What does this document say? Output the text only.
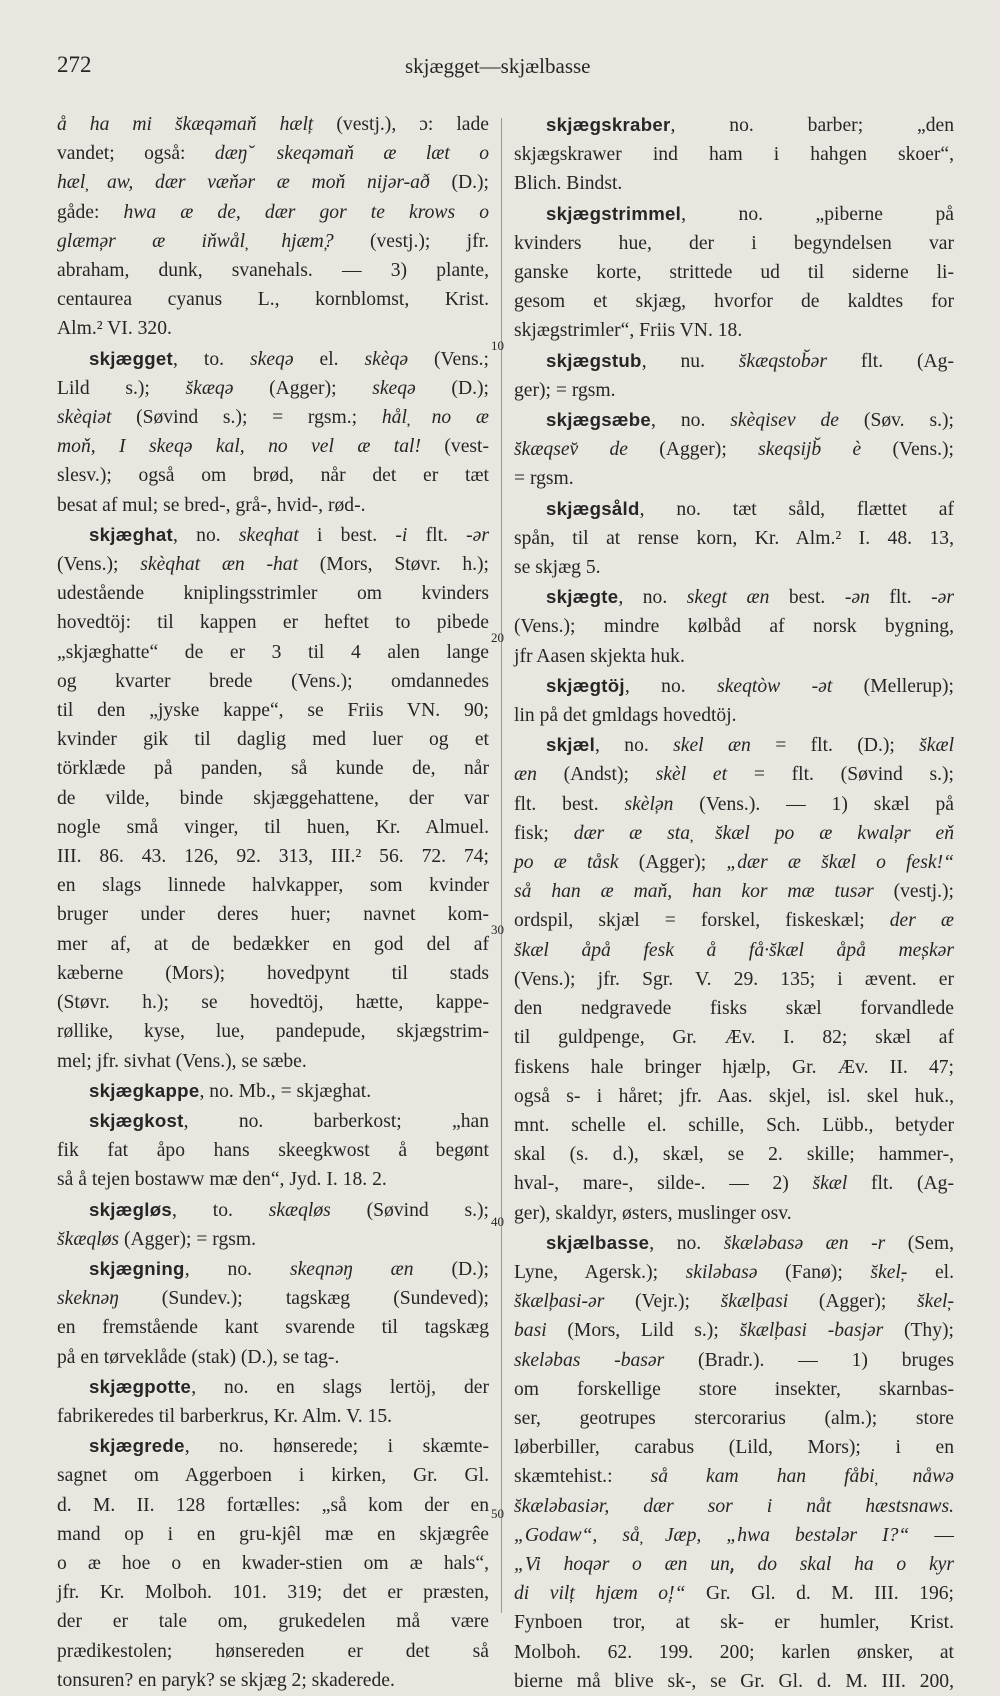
272	skjægget—skjælbasse
å ha mi s̆kæqəmaň hæl̦t (vestj.), ɔ: lade
vandet; også: dæŋ̆ skeqəmaň æ læt o
hæl̦ aw, dær væňər æ moň nijər-að (D.);
gåde: hwa æ de, dær gor te krows o
glæm̦ər æ iňwål̦ hjæm̦? (vestj.); jfr.
abraham, dunk, svanehals. — 3) plante,
centaurea cyanus L., kornblomst, Krist.
Alm.² VI. 320.
skjægget, to. skeqə el. skèqə (Vens.;
Lild s.); s̆kæqə (Agger); skeqə (D.);
skèqiət (Søvind s.); = rgsm.; hål̦ no æ
moň, I skeqə kal, no vel æ tal! (vest-
slesv.); også om brød, når det er tæt
besat af mul; se bred-, grå-, hvid-, rød-.
skjæghat, no. skeqhat i best. -i flt. -ər
(Vens.); skèqhat æn -hat (Mors, Støvr. h.);
udestående kniplingsstrimler om kvinders
hovedtöj: til kappen er heftet to pibede
„skjæghatte“ de er 3 til 4 alen lange
og kvarter brede (Vens.); omdannedes
til den „jyske kappe“, se Friis VN. 90;
kvinder gik til daglig med luer og et
törklæde på panden, så kunde de, når
de vilde, binde skjæggehattene, der var
nogle små vinger, til huen, Kr. Almuel.
III. 86. 43. 126, 92. 313, III.² 56. 72. 74;
en slags linnede halvkapper, som kvinder
bruger under deres huer; navnet kom-
mer af, at de bedækker en god del af
kæberne (Mors); hovedpynt til stads
(Støvr. h.); se hovedtöj, hætte, kappe-
røllike, kyse, lue, pandepude, skjægstrim-
mel; jfr. sivhat (Vens.), se sæbe.
skjægkappe, no. Mb., = skjæghat.
skjægkost, no. barberkost; „han
fik fat åpo hans skeegkwost å begønt
så å tejen bostaww mæ den“, Jyd. I. 18. 2.
skjægløs, to. skæqløs (Søvind s.);
s̆kæqløs (Agger); = rgsm.
skjægning, no. skeqnəŋ æn (D.);
skeknəŋ (Sundev.); tagskæg (Sundeved);
en fremstående kant svarende til tagskæg
på en tørveklåde (stak) (D.), se tag-.
skjægpotte, no. en slags lertöj, der
fabrikeredes til barberkrus, Kr. Alm. V. 15.
skjægrede, no. hønserede; i skæmte-
sagnet om Aggerboen i kirken, Gr. Gl.
d. M. II. 128 fortælles: „så kom der en
mand op i en gru-kjêl mæ en skjægrêe
o æ hoe o en kwader-stien om æ hals“,
jfr. Kr. Molboh. 101. 319; det er præsten,
der er tale om, grukedelen må være
prædikestolen; hønsereden er det så
tonsuren? en paryk? se skjæg 2; skaderede.
skjægskraber, no. barber; „den
skjægskrawer ind ham i hahgen skoer“,
Blich. Bindst.
skjægstrimmel, no. „piberne på
kvinders hue, der i begyndelsen var
ganske korte, strittede ud til siderne li-
gesom et skjæg, hvorfor de kaldtes for
skjægstrimler“, Friis VN. 18.
skjægstub, nu. s̆kæqstob̆ər flt. (Ag-
ger); = rgsm.
skjægsæbe, no. skèqisev de (Søv. s.);
s̆kæqsev̆ de (Agger); skeqsijb̆ è (Vens.);
= rgsm.
skjægsåld, no. tæt såld, flættet af
spån, til at rense korn, Kr. Alm.² I. 48. 13,
se skjæg 5.
skjægte, no. skegt æn best. -ən flt. -ər
(Vens.); mindre kølbåd af norsk bygning,
jfr Aasen skjekta huk.
skjægtöj, no. skeqtòw -ət (Mellerup);
lin på det gmldags hovedtöj.
skjæl, no. skel æn = flt. (D.); s̆kæl
æn (Andst); skèl et = flt. (Søvind s.);
flt. best. skèl̦ən (Vens.). — 1) skæl på
fisk; dær æ sta̦ s̆kæl po æ kwal̦ər eň
po æ tåsk (Agger); „dær æ s̆kæl o fesk!“
så han æ maň, han kor mæ tusər (vestj.);
ordspil, skjæl = forskel, fiskeskæl; der æ
s̆kæl åpå fesk å få·s̆kæl åpå me̦skər
(Vens.); jfr. Sgr. V. 29. 135; i ævent. er
den nedgravede fisks skæl forvandlede
til guldpenge, Gr. Æv. I. 82; skæl af
fiskens hale bringer hjælp, Gr. Æv. II. 47;
også s- i håret; jfr. Aas. skjel, isl. skel huk.,
mnt. schelle el. schille, Sch. Lübb., betyder
skal (s. d.), skæl, se 2. skille; hammer-,
hval-, mare-, silde-. — 2) s̆kæl flt. (Ag-
ger), skaldyr, østers, muslinger osv.
skjælbasse, no. s̆kæləbasə æn -r (Sem,
Lyne, Agersk.); skiləbasə (Fanø); s̆kel̦- el.
s̆kæl̦basi-ər (Vejr.); s̆kæl̦basi (Agger); s̆kel̦-
basi (Mors, Lild s.); s̆kæl̦basi -basjər (Thy);
skeləbas -basər (Bradr.). — 1) bruges
om forskellige store insekter, skarnbas-
ser, geotrupes stercorarius (alm.); store
løberbiller, carabus (Lild, Mors); i en
skæmtehist.: så kam han fåbi̦ nåwə
s̆kæləbasiər, dær sor i nåt hæstsnaws.
„Godaw“, så̦ Jæp, „hwa bestələr I?“ —
„Vi hoqər o æn un̦, do skal ha o kyr
di vil̦t hjæm o̦!“ Gr. Gl. d. M. III. 196;
Fynboen tror, at sk- er humler, Krist.
Molboh. 62. 199. 200; karlen ønsker, at
bierne må blive sk-, se Gr. Gl. d. M. III. 200,
10
20
30
40
50
